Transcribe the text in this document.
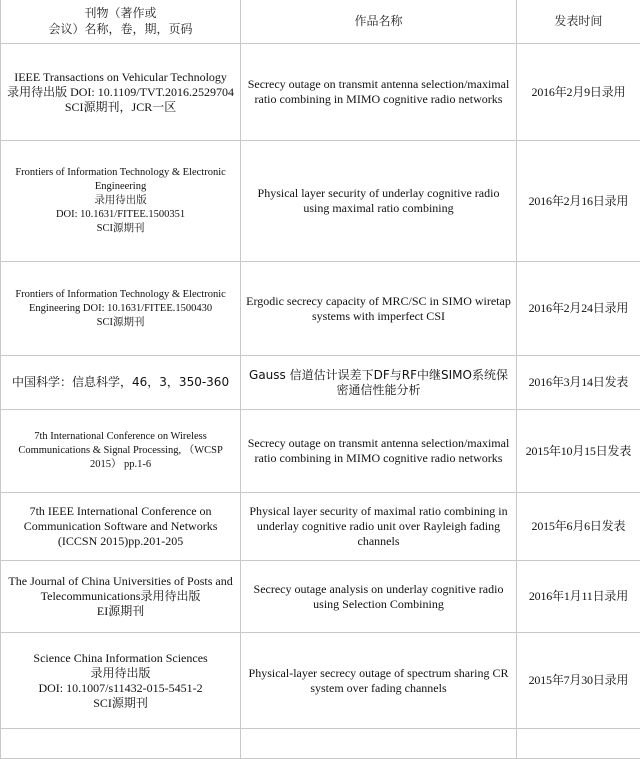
刊物（著作或
会议）名称，卷，期，页码	作品名称	发表时间

IEEE Transactions on Vehicular Technology
录用待出版 DOI: 10.1109/TVT.2016.2529704
SCI源期刊，JCR一区	Secrecy outage on transmit antenna selection/maximal ratio combining in MIMO cognitive radio networks	2016年2月9日录用

Frontiers of Information Technology & Electronic Engineering
录用待出版
DOI: 10.1631/FITEE.1500351
SCI源期刊	Physical layer security of underlay cognitive radio using maximal ratio combining	2016年2月16日录用

Frontiers of Information Technology & Electronic Engineering DOI: 10.1631/FITEE.1500430
SCI源期刊	Ergodic secrecy capacity of MRC/SC in SIMO wiretap systems with imperfect CSI	2016年2月24日录用

中国科学：信息科学，46，3，350-360	Gauss 信道估计误差下DF与RF中继SIMO系统保密通信性能分析	2016年3月14日发表

7th International Conference on Wireless Communications & Signal Processing, （WCSP 2015） pp.1-6	Secrecy outage on transmit antenna selection/maximal ratio combining in MIMO cognitive radio networks	2015年10月15日发表

7th IEEE International Conference on Communication Software and Networks (ICCSN 2015)pp.201-205	Physical layer security of maximal ratio combining in underlay cognitive radio unit over Rayleigh fading channels	2015年6月6日发表

The Journal of China Universities of Posts and Telecommunications录用待出版
EI源期刊	Secrecy outage analysis on underlay cognitive radio using Selection Combining	2016年1月11日录用

Science China Information Sciences
录用待出版
DOI: 10.1007/s11432-015-5451-2
SCI源期刊	Physical-layer secrecy outage of spectrum sharing CR system over fading channels	2015年7月30日录用
